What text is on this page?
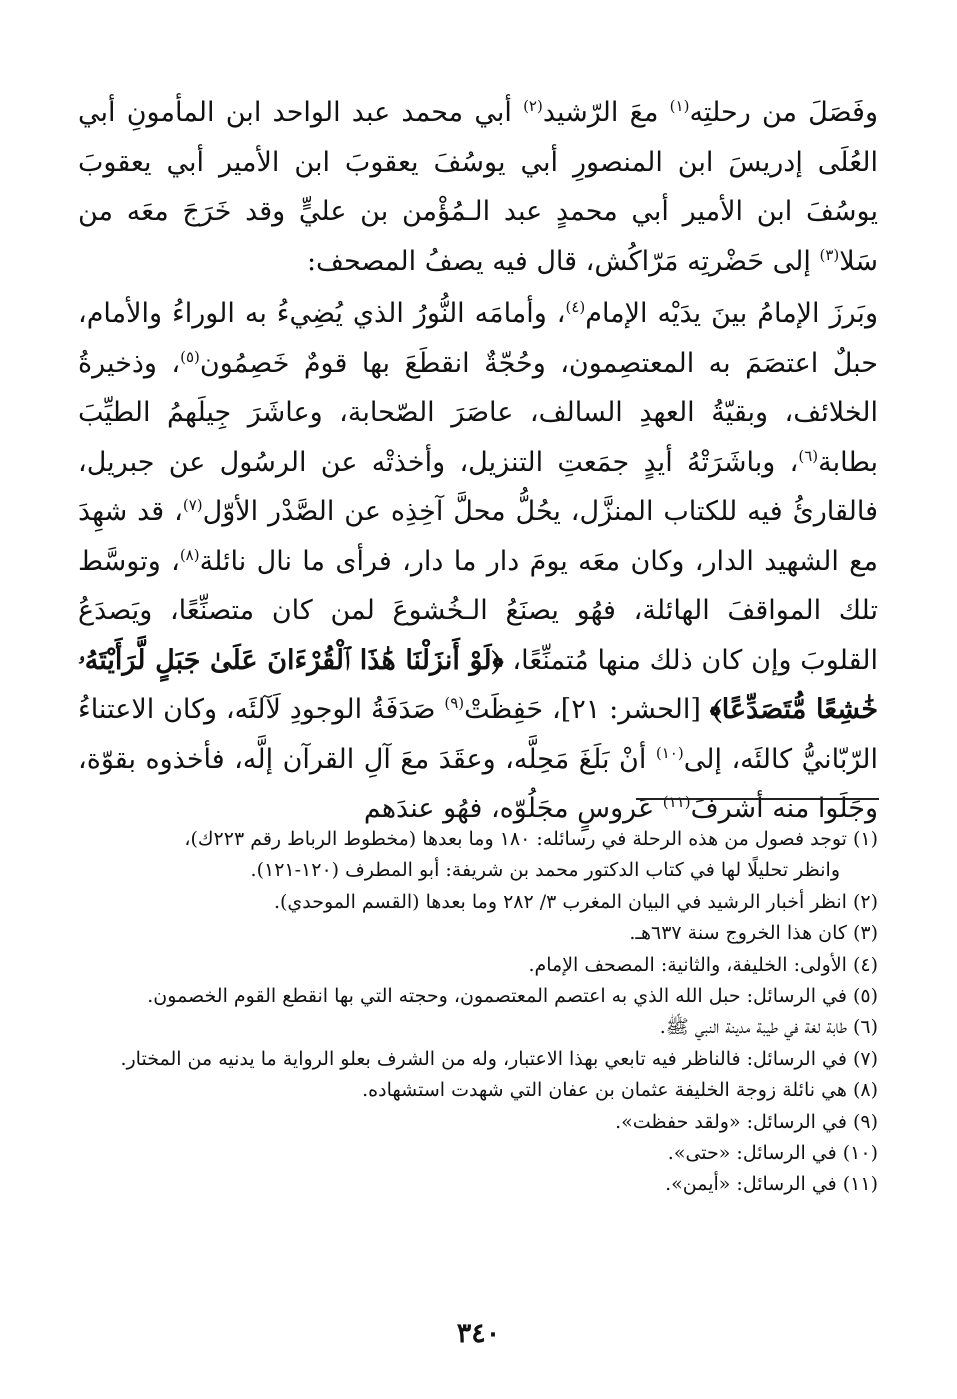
وفَصَلَ من رحلتِه$^{(١)}$ معَ الرّشيد$^{(٢)}$ أبي محمد عبد الواحد ابن المأمونِ أبي العُلَى إدريسَ ابن المنصورِ أبي يوسُفَ يعقوبَ ابن الأمير أبي يعقوبَ يوسُفَ ابن الأمير أبي محمدٍ عبد الـمُؤْمن بن عليٍّ وقد خَرَجَ معَه من سَلا$^{(٣)}$ إلى حَضْرتِه مَرّاكُش، قال فيه يصفُ المصحف:

وبَرزَ الإمامُ بينَ يدَيْه الإمام$^{(٤)}$، وأمامَه النُّورُ الذي يُضِيءُ به الوراءُ والأمام، حبلٌ اعتصَمَ به المعتصِمون، وحُجّةٌ انقطَعَ بها قومٌ خَصِمُون$^{(٥)}$، وذخيرةُ الخلائف، وبقيّةُ العهدِ السالف، عاصَرَ الصّحابة، وعاشَرَ جِيلَهمُ الطيِّبَ بطابة$^{(٦)}$، وباشَرَتْهُ أيدٍ جمَعتِ التنزيل، وأخذتْه عن الرسُول عن جبريل، فالقارئُ فيه للكتاب المنزَّل، يحُلُّ محلَّ آخِذِه عن الصَّدْر الأوّل$^{(٧)}$، قد شهِدَ مع الشهيد الدار، وكان معَه يومَ دار ما دار، فرأى ما نال نائلة$^{(٨)}$، وتوسَّط تلك المواقفَ الهائلة، فهُو يصنَعُ الـخُشوعَ لمن كان متصنِّعًا، ويَصدَعُ القلوبَ وإن كان ذلك منها مُتمنِّعًا، ﴿لَوْ أَنزَلْنَا هَٰذَا ٱلْقُرْءَانَ عَلَىٰ جَبَلٍ لَّرَأَيْتَهُۥ خَٰشِعًا مُّتَصَدِّعًا﴾ [الحشر: ٢١]، حَفِظَتْ$^{(٩)}$ صَدَفَةُ الوجودِ لَآلئَه، وكان الاعتناءُ الرّبّانيُّ كالئَه، إلى$^{(١٠)}$ أنْ بَلَغَ مَحِلَّه، وعقَدَ معَ آلِ القرآن إلَّه، فأخذوه بقوّة، وجَلَوا منه أشرفَ$^{(١١)}$ عَروسٍ مجَلُوّه، فهُو عندَهم

(١)توجد فصول من هذه الرحلة في رسائله: ١٨٠ وما بعدها (مخطوط الرباط رقم ٢٢٣ك)،
وانظر تحليلًا لها في كتاب الدكتور محمد بن شريفة: أبو المطرف (١٢٠-١٢١).
(٢)انظر أخبار الرشيد في البيان المغرب ٣/ ٢٨٢ وما بعدها (القسم الموحدي).
(٣)كان هذا الخروج سنة ٦٣٧هـ.
(٤)الأولى: الخليفة، والثانية: المصحف الإمام.
(٥)في الرسائل: حبل الله الذي به اعتصم المعتصمون، وحجته التي بها انقطع القوم الخصمون.
(٦)طابة لغة في طيبة مدينة النبي ﷺ.
(٧)في الرسائل: فالناظر فيه تابعي بهذا الاعتبار، وله من الشرف بعلو الرواية ما يدنيه من المختار.
(٨)هي نائلة زوجة الخليفة عثمان بن عفان التي شهدت استشهاده.
(٩)في الرسائل: «ولقد حفظت».
(١٠)في الرسائل: «حتى».
(١١)في الرسائل: «أيمن».
٣٤٠
